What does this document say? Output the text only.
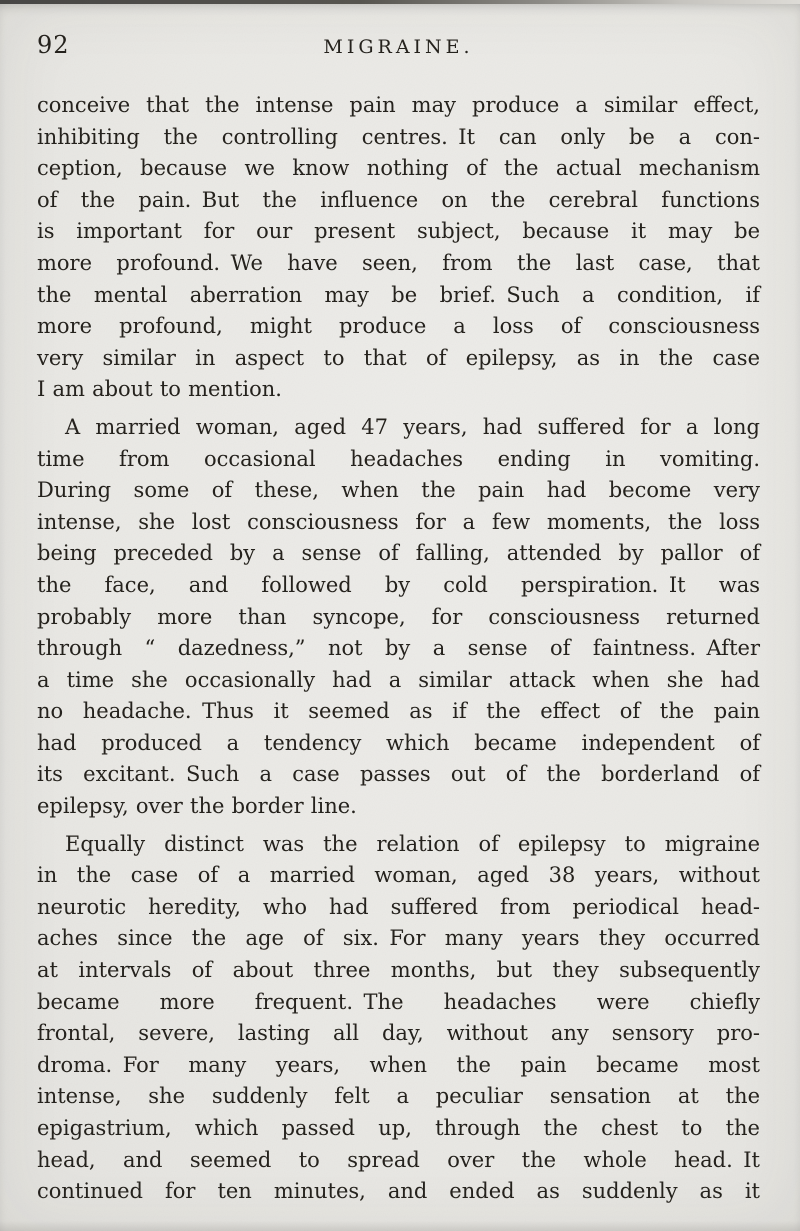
92	MIGRAINE.

conceive that the intense pain may produce a similar effect,
inhibiting the controlling centres. It can only be a con-
ception, because we know nothing of the actual mechanism
of the pain. But the influence on the cerebral functions
is important for our present subject, because it may be
more profound. We have seen, from the last case, that
the mental aberration may be brief. Such a condition, if
more profound, might produce a loss of consciousness
very similar in aspect to that of epilepsy, as in the case
I am about to mention.

A married woman, aged 47 years, had suffered for a long
time from occasional headaches ending in vomiting.
During some of these, when the pain had become very
intense, she lost consciousness for a few moments, the loss
being preceded by a sense of falling, attended by pallor of
the face, and followed by cold perspiration. It was
probably more than syncope, for consciousness returned
through “ dazedness,” not by a sense of faintness. After
a time she occasionally had a similar attack when she had
no headache. Thus it seemed as if the effect of the pain
had produced a tendency which became independent of
its excitant. Such a case passes out of the borderland of
epilepsy, over the border line.

Equally distinct was the relation of epilepsy to migraine
in the case of a married woman, aged 38 years, without
neurotic heredity, who had suffered from periodical head-
aches since the age of six. For many years they occurred
at intervals of about three months, but they subsequently
became more frequent. The headaches were chiefly
frontal, severe, lasting all day, without any sensory pro-
droma. For many years, when the pain became most
intense, she suddenly felt a peculiar sensation at the
epigastrium, which passed up, through the chest to the
head, and seemed to spread over the whole head. It
continued for ten minutes, and ended as suddenly as it
